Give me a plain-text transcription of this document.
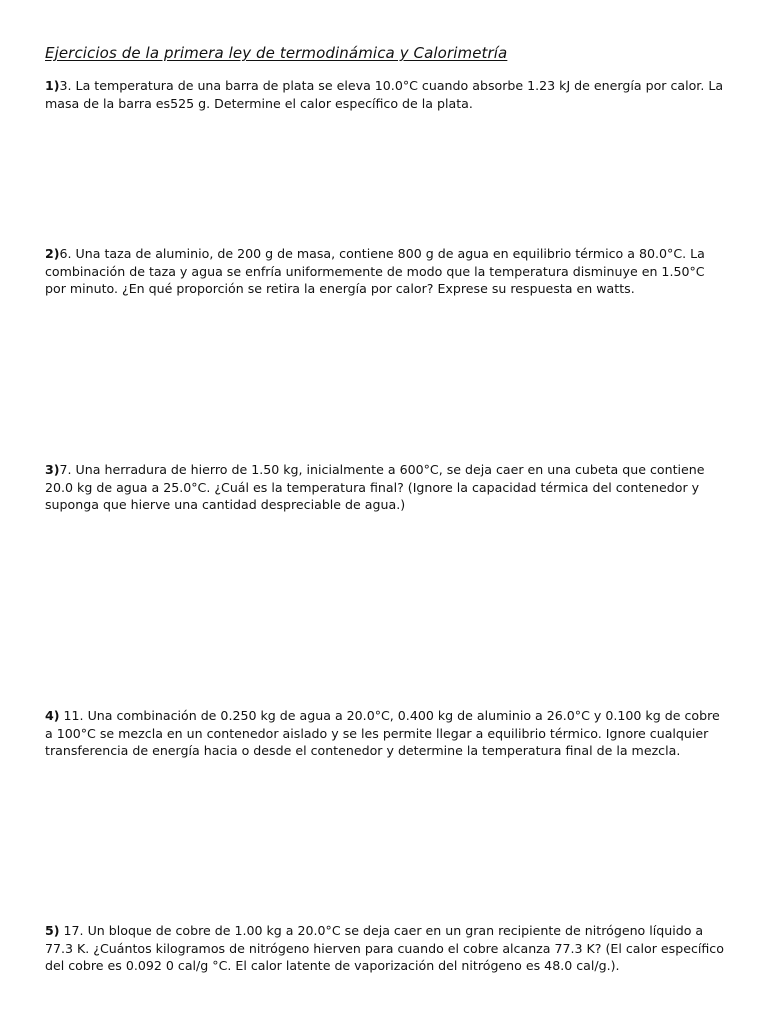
Ejercicios de la primera ley de termodinámica y Calorimetría
1)3. La temperatura de una barra de plata se eleva 10.0°C cuando absorbe 1.23 kJ de energía por calor. La masa de la barra es525 g. Determine el calor específico de la plata.
2)6. Una taza de aluminio, de 200 g de masa, contiene 800 g de agua en equilibrio térmico a 80.0°C. La combinación de taza y agua se enfría uniformemente de modo que la temperatura disminuye en 1.50°C por minuto. ¿En qué proporción se retira la energía por calor? Exprese su respuesta en watts.
3)7. Una herradura de hierro de 1.50 kg, inicialmente a 600°C, se deja caer en una cubeta que contiene 20.0 kg de agua a 25.0°C. ¿Cuál es la temperatura final? (Ignore la capacidad térmica del contenedor y suponga que hierve una cantidad despreciable de agua.)
4) 11. Una combinación de 0.250 kg de agua a 20.0°C, 0.400 kg de aluminio a 26.0°C y 0.100 kg de cobre a 100°C se mezcla en un contenedor aislado y se les permite llegar a equilibrio térmico. Ignore cualquier transferencia de energía hacia o desde el contenedor y determine la temperatura final de la mezcla.
5) 17. Un bloque de cobre de 1.00 kg a 20.0°C se deja caer en un gran recipiente de nitrógeno líquido a 77.3 K. ¿Cuántos kilogramos de nitrógeno hierven para cuando el cobre alcanza 77.3 K? (El calor específico del cobre es 0.092 0 cal/g °C. El calor latente de vaporización del nitrógeno es 48.0 cal/g.).
